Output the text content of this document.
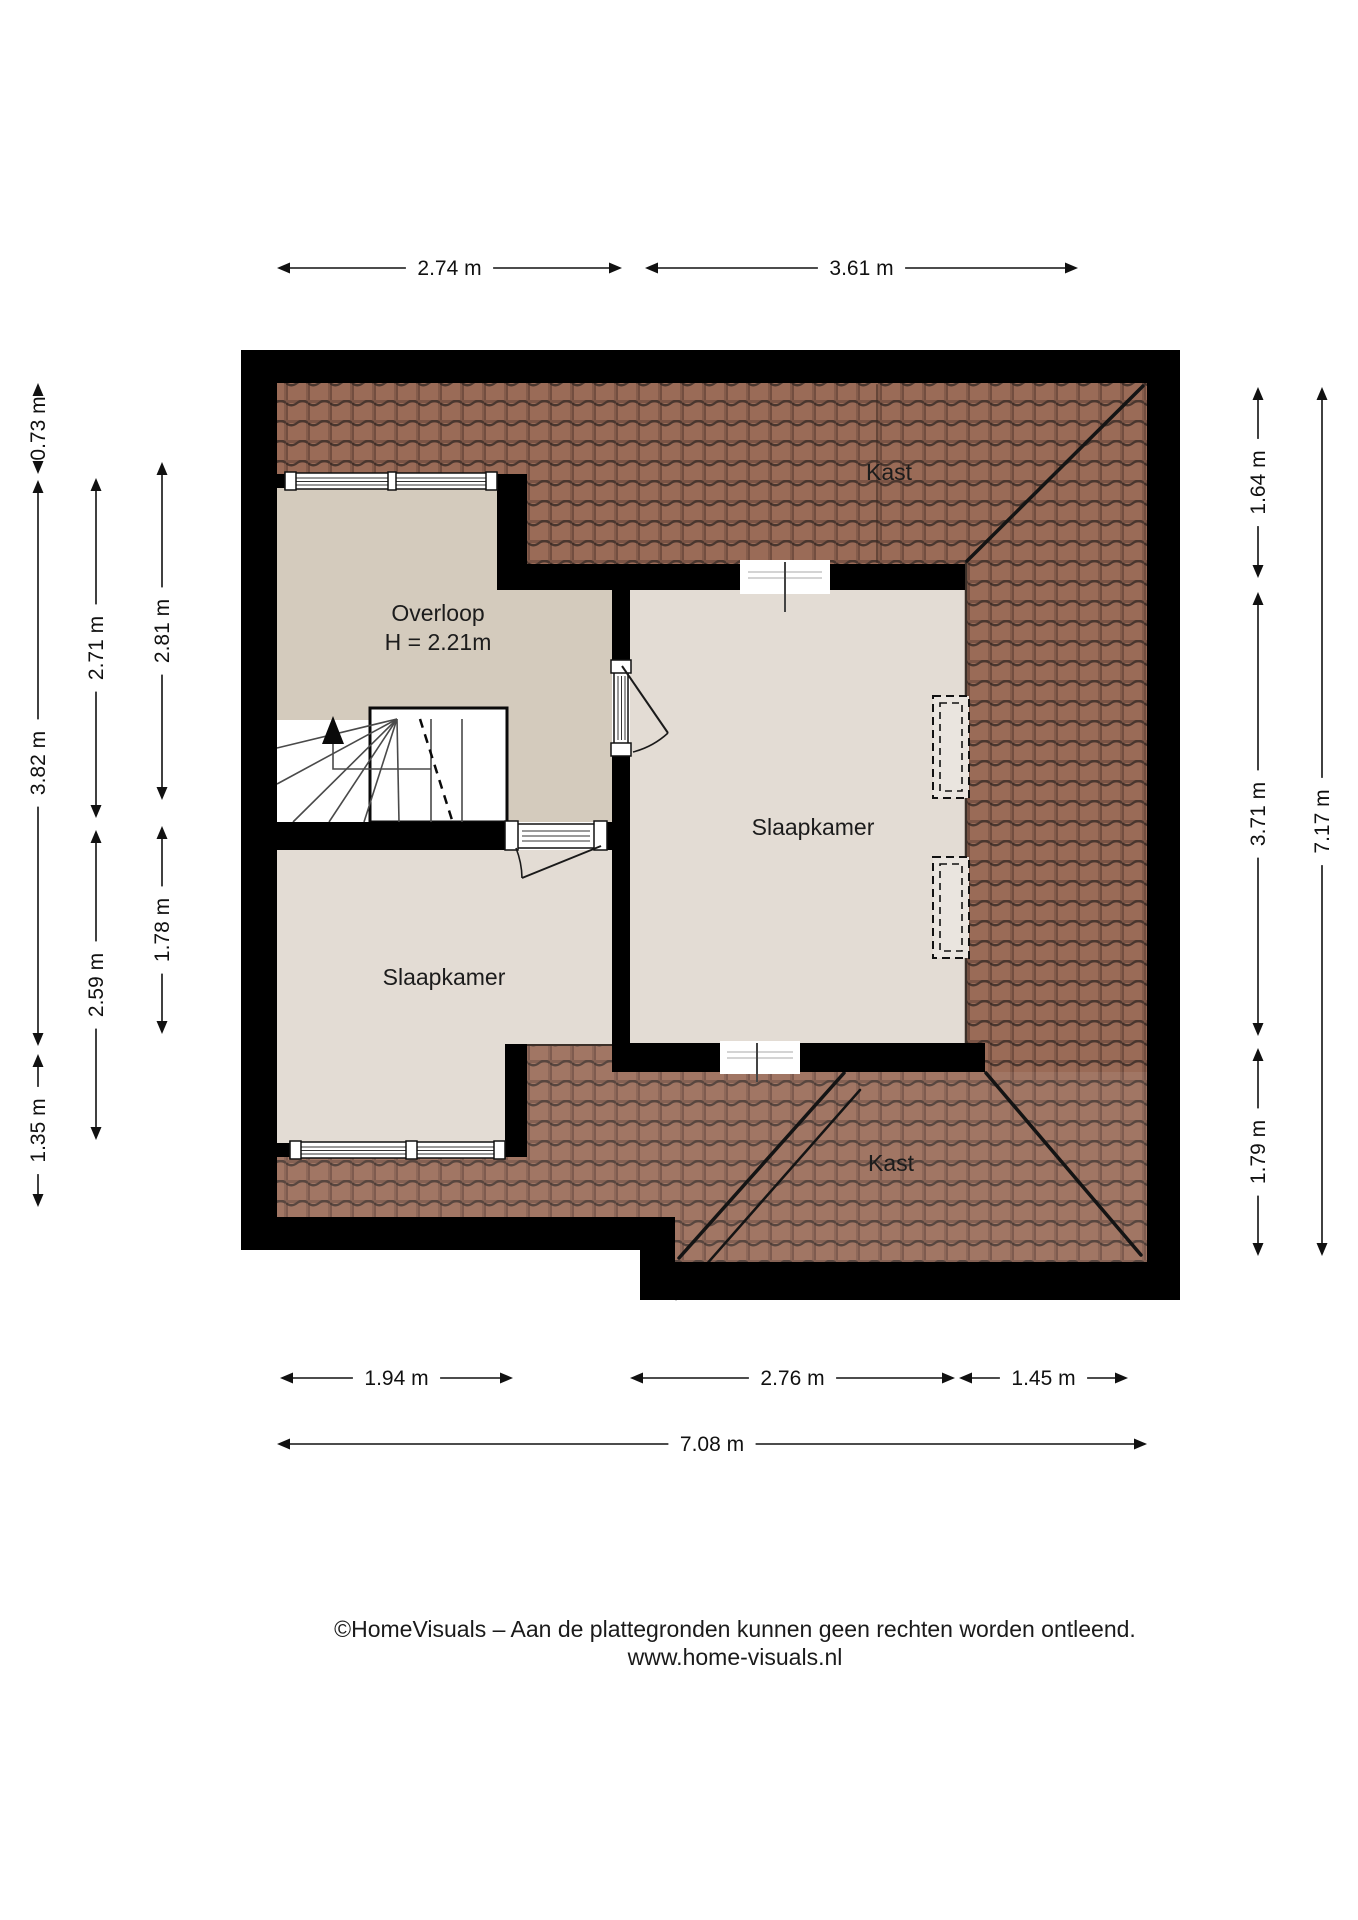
Overloop
H = 2.21m
Slaapkamer
Slaapkamer
Kast
Kast
2.74 m	3.61 m
1.94 m	2.76 m	1.45 m
7.08 m
0.73 m
3.82 m
1.35 m
2.71 m
2.59 m
2.81 m
1.78 m
1.64 m
3.71 m
1.79 m
7.17 m
©HomeVisuals – Aan de plattegronden kunnen geen rechten worden ontleend.
www.home-visuals.nl
